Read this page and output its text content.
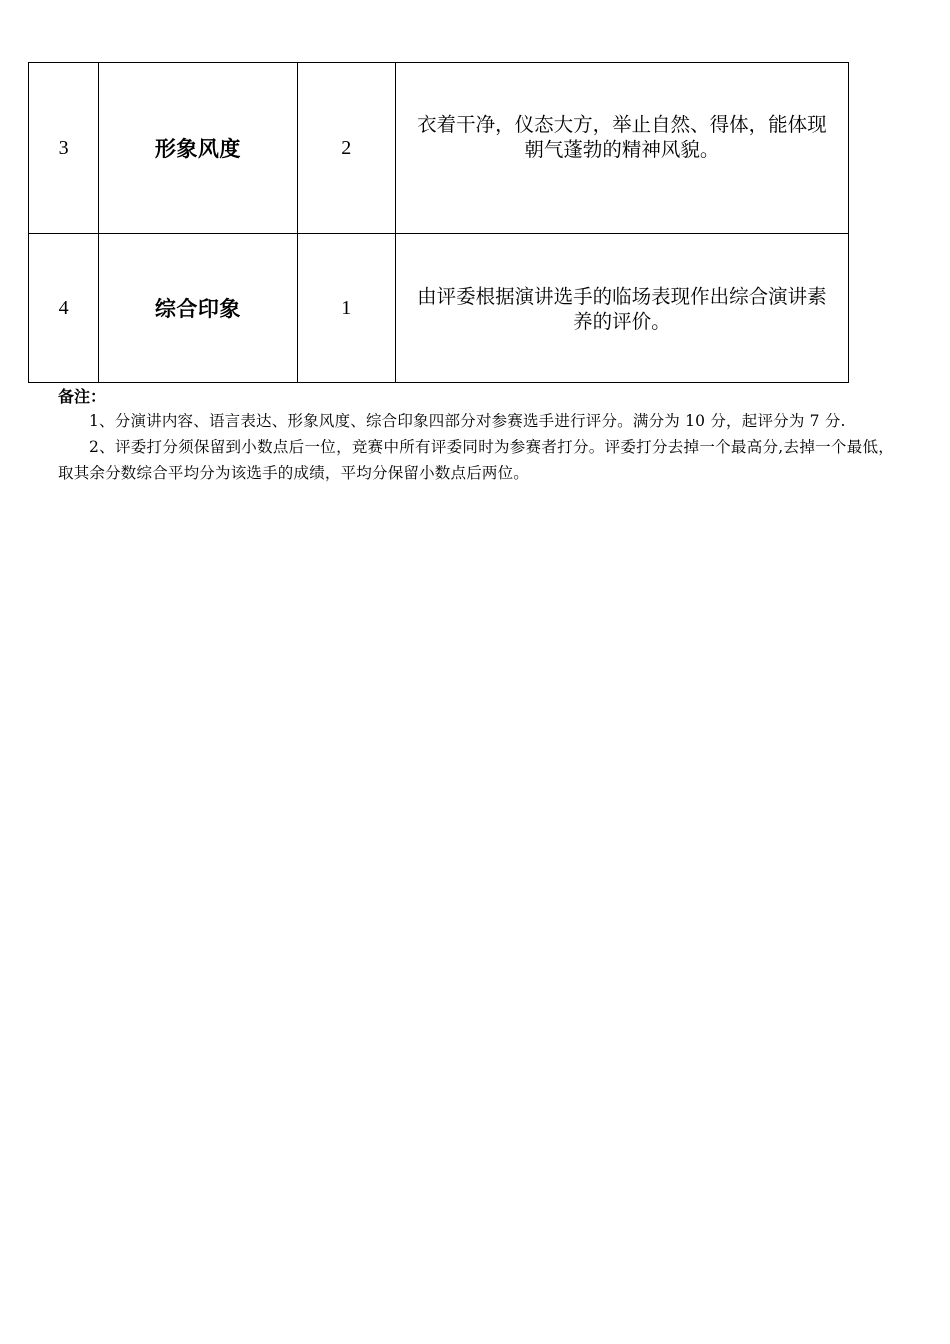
3	形象风度	2	衣着干净，仪态大方，举止自然、得体，能体现朝气蓬勃的精神风貌。

4	综合印象	1	由评委根据演讲选手的临场表现作出综合演讲素养的评价。
备注：
1、分演讲内容、语言表达、形象风度、综合印象四部分对参赛选手进行评分。满分为 10 分，起评分为 7 分.
2、评委打分须保留到小数点后一位，竞赛中所有评委同时为参赛者打分。评委打分去掉一个最高分,去掉一个最低，取其余分数综合平均分为该选手的成绩，平均分保留小数点后两位。
